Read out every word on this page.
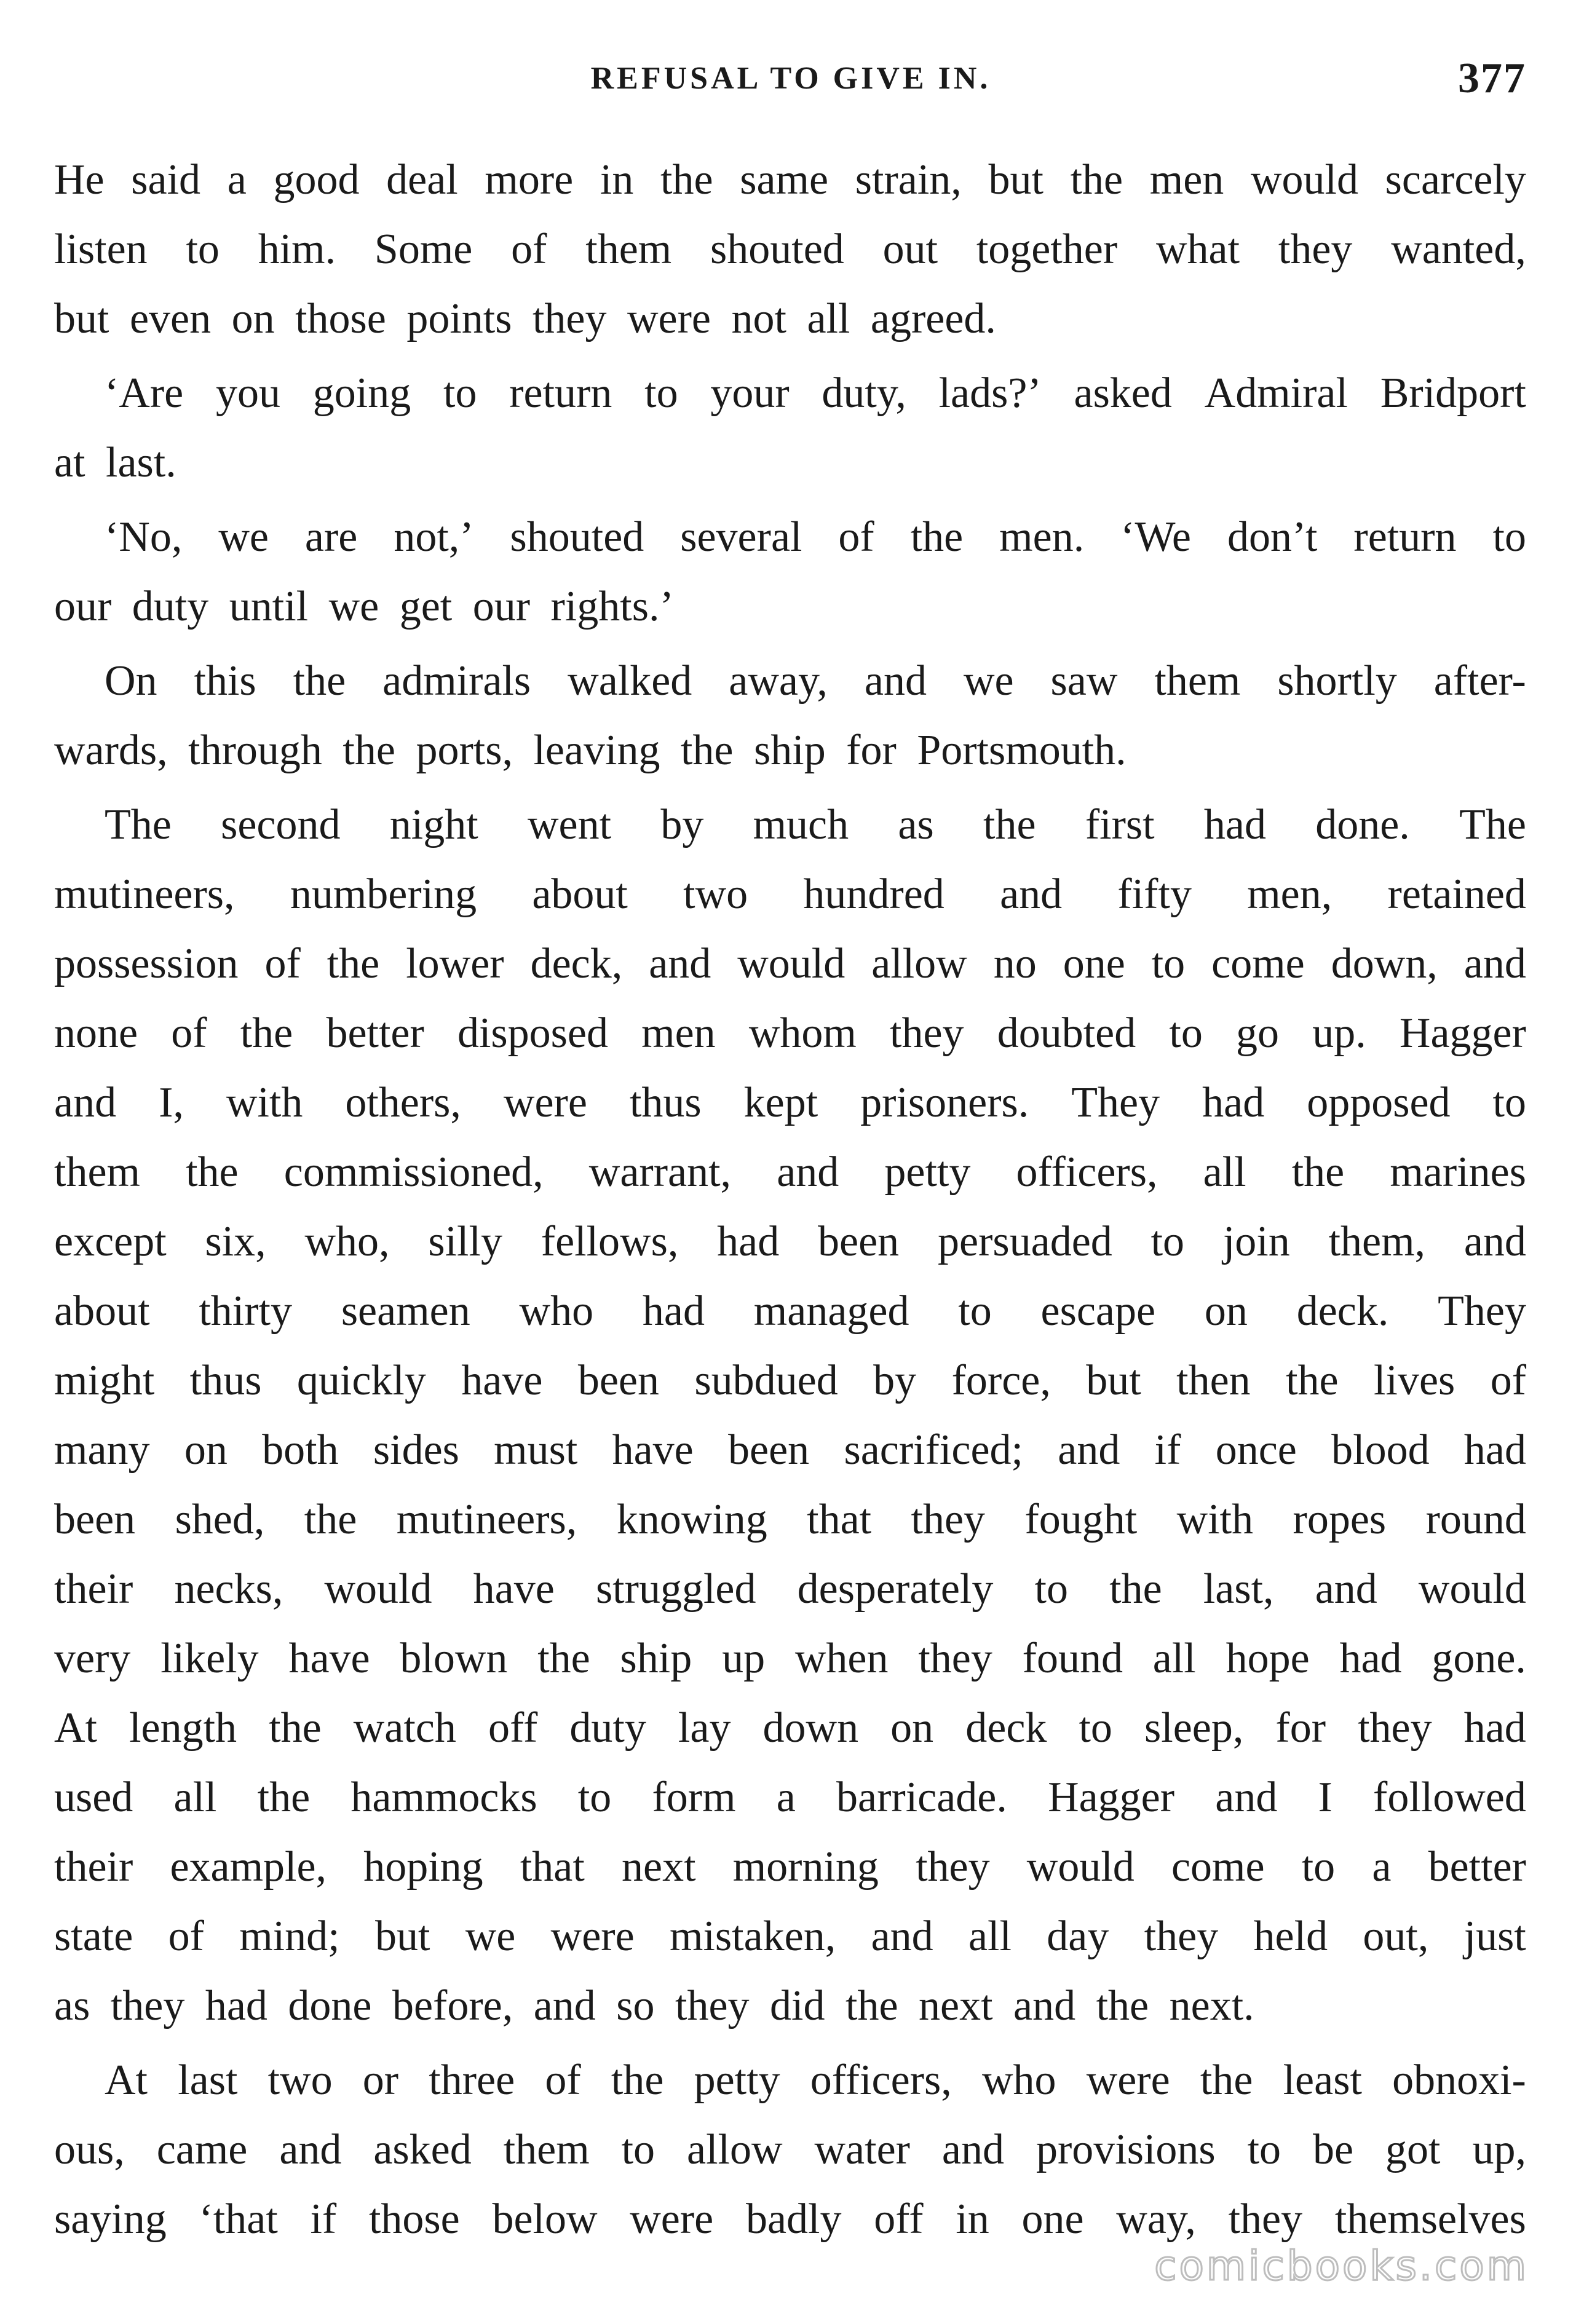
REFUSAL TO GIVE IN.	377
He said a good deal more in the same strain, but the men would scarcely
listen to him. Some of them shouted out together what they wanted,
but even on those points they were not all agreed.
‘Are you going to return to your duty, lads?’ asked Admiral Bridport
at last.
‘No, we are not,’ shouted several of the men. ‘We don’t return to
our duty until we get our rights.’
On this the admirals walked away, and we saw them shortly after-
wards, through the ports, leaving the ship for Portsmouth.
The second night went by much as the first had done. The
mutineers, numbering about two hundred and fifty men, retained
possession of the lower deck, and would allow no one to come down, and
none of the better disposed men whom they doubted to go up. Hagger
and I, with others, were thus kept prisoners. They had opposed to
them the commissioned, warrant, and petty officers, all the marines
except six, who, silly fellows, had been persuaded to join them, and
about thirty seamen who had managed to escape on deck. They
might thus quickly have been subdued by force, but then the lives of
many on both sides must have been sacrificed; and if once blood had
been shed, the mutineers, knowing that they fought with ropes round
their necks, would have struggled desperately to the last, and would
very likely have blown the ship up when they found all hope had gone.
At length the watch off duty lay down on deck to sleep, for they had
used all the hammocks to form a barricade. Hagger and I followed
their example, hoping that next morning they would come to a better
state of mind; but we were mistaken, and all day they held out, just
as they had done before, and so they did the next and the next.
At last two or three of the petty officers, who were the least obnoxi-
ous, came and asked them to allow water and provisions to be got up,
saying ‘that if those below were badly off in one way, they themselves
comicbooks.com
